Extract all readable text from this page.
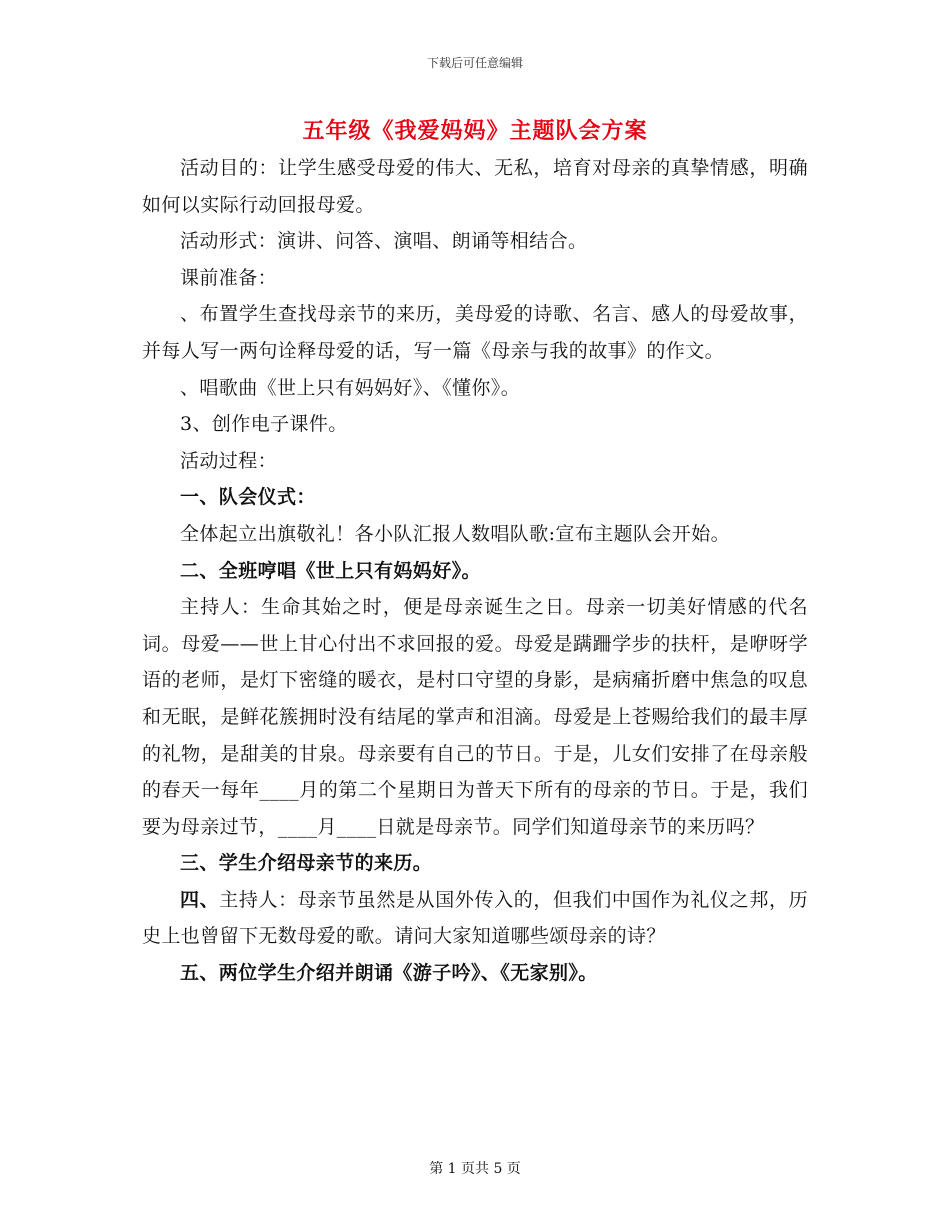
下载后可任意编辑
五年级《我爱妈妈》主题队会方案

活动目的：让学生感受母爱的伟大、无私，培育对母亲的真挚情感，明确如何以实际行动回报母爱。

活动形式：演讲、问答、演唱、朗诵等相结合。

课前准备：

、布置学生查找母亲节的来历，美母爱的诗歌、名言、感人的母爱故事，并每人写一两句诠释母爱的话，写一篇《母亲与我的故事》的作文。

、唱歌曲《世上只有妈妈好》、《懂你》。

3、创作电子课件。

活动过程：

一、队会仪式：

全体起立出旗敬礼！各小队汇报人数唱队歌:宣布主题队会开始。

二、全班哼唱《世上只有妈妈好》。

主持人：生命其始之时，便是母亲诞生之日。母亲一切美好情感的代名词。母爱——世上甘心付出不求回报的爱。母爱是蹒跚学步的扶杆，是咿呀学语的老师，是灯下密缝的暖衣，是村口守望的身影，是病痛折磨中焦急的叹息和无眠，是鲜花簇拥时没有结尾的掌声和泪滴。母爱是上苍赐给我们的最丰厚的礼物，是甜美的甘泉。母亲要有自己的节日。于是，儿女们安排了在母亲般的春天一每年____月的第二个星期日为普天下所有的母亲的节日。于是，我们要为母亲过节，____月____日就是母亲节。同学们知道母亲节的来历吗？

三、学生介绍母亲节的来历。

四、主持人：母亲节虽然是从国外传入的，但我们中国作为礼仪之邦，历史上也曾留下无数母爱的歌。请问大家知道哪些颂母亲的诗？

五、两位学生介绍并朗诵《游子吟》、《无家别》。

第 1 页共 5 页
